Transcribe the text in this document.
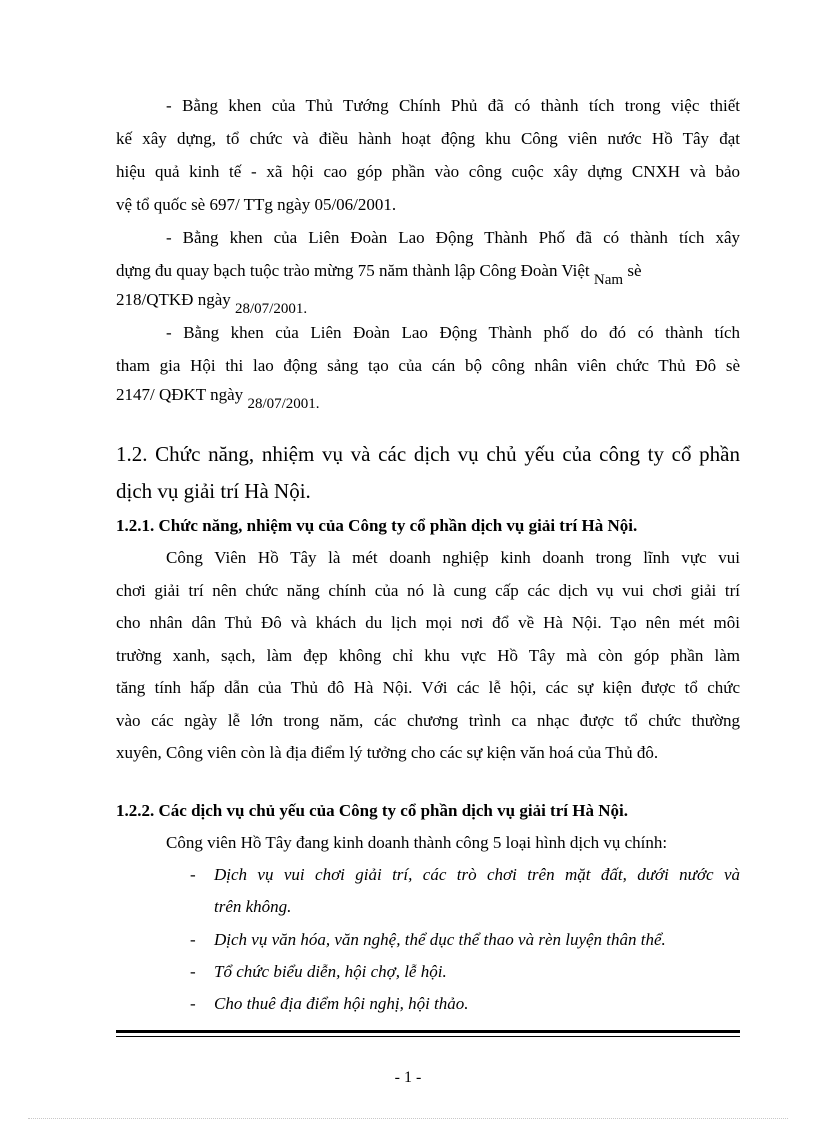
- Bằng khen của Thủ Tướng Chính Phủ đã có thành tích trong việc thiết
kế xây dựng, tổ chức và điều hành hoạt động khu Công viên nước Hồ Tây đạt
hiệu quả kinh tế - xã hội cao góp phần vào công cuộc xây dựng CNXH và bảo
vệ tổ quốc sè 697/ TTg ngày 05/06/2001.
- Bằng khen của Liên Đoàn Lao Động Thành Phố đã có thành tích xây
dựng đu quay bạch tuộc trào mừng 75 năm thành lập Công Đoàn Việt Nam sè
218/QTKĐ ngày 28/07/2001.
- Bằng khen của Liên Đoàn Lao Động Thành phố do đó có thành tích
tham gia Hội thi lao động sảng tạo của cán bộ công nhân viên chức Thủ Đô sè
2147/ QĐKT ngày 28/07/2001.
1.2. Chức năng, nhiệm vụ và các dịch vụ chủ yếu của công ty cổ phần
dịch vụ giải trí Hà Nội.
1.2.1. Chức năng, nhiệm vụ của Công ty cổ phần dịch vụ giải trí Hà Nội.
Công Viên Hồ Tây là mét doanh nghiệp kinh doanh trong lĩnh vực vui
chơi giải trí nên chức năng chính của nó là cung cấp các dịch vụ vui chơi giải trí
cho nhân dân Thủ Đô và khách du lịch mọi nơi đổ về Hà Nội. Tạo nên mét môi
trường xanh, sạch, làm đẹp không chỉ khu vực Hồ Tây mà còn góp phần làm
tăng tính hấp dẫn của Thủ đô Hà Nội. Với các lễ hội, các sự kiện được tổ chức
vào các ngày lễ lớn trong năm, các chương trình ca nhạc được tổ chức thường
xuyên, Công viên còn là địa điểm lý tưởng cho các sự kiện văn hoá của Thủ đô.
1.2.2. Các dịch vụ chủ yếu của Công ty cổ phần dịch vụ giải trí Hà Nội.
Công viên Hồ Tây đang kinh doanh thành công 5 loại hình dịch vụ chính:
- Dịch vụ vui chơi giải trí, các trò chơi trên mặt đất, dưới nước và
trên không.
- Dịch vụ văn hóa, văn nghệ, thể dục thể thao và rèn luyện thân thể.
- Tổ chức biểu diễn, hội chợ, lễ hội.
- Cho thuê địa điểm hội nghị, hội thảo.
- 1 -
